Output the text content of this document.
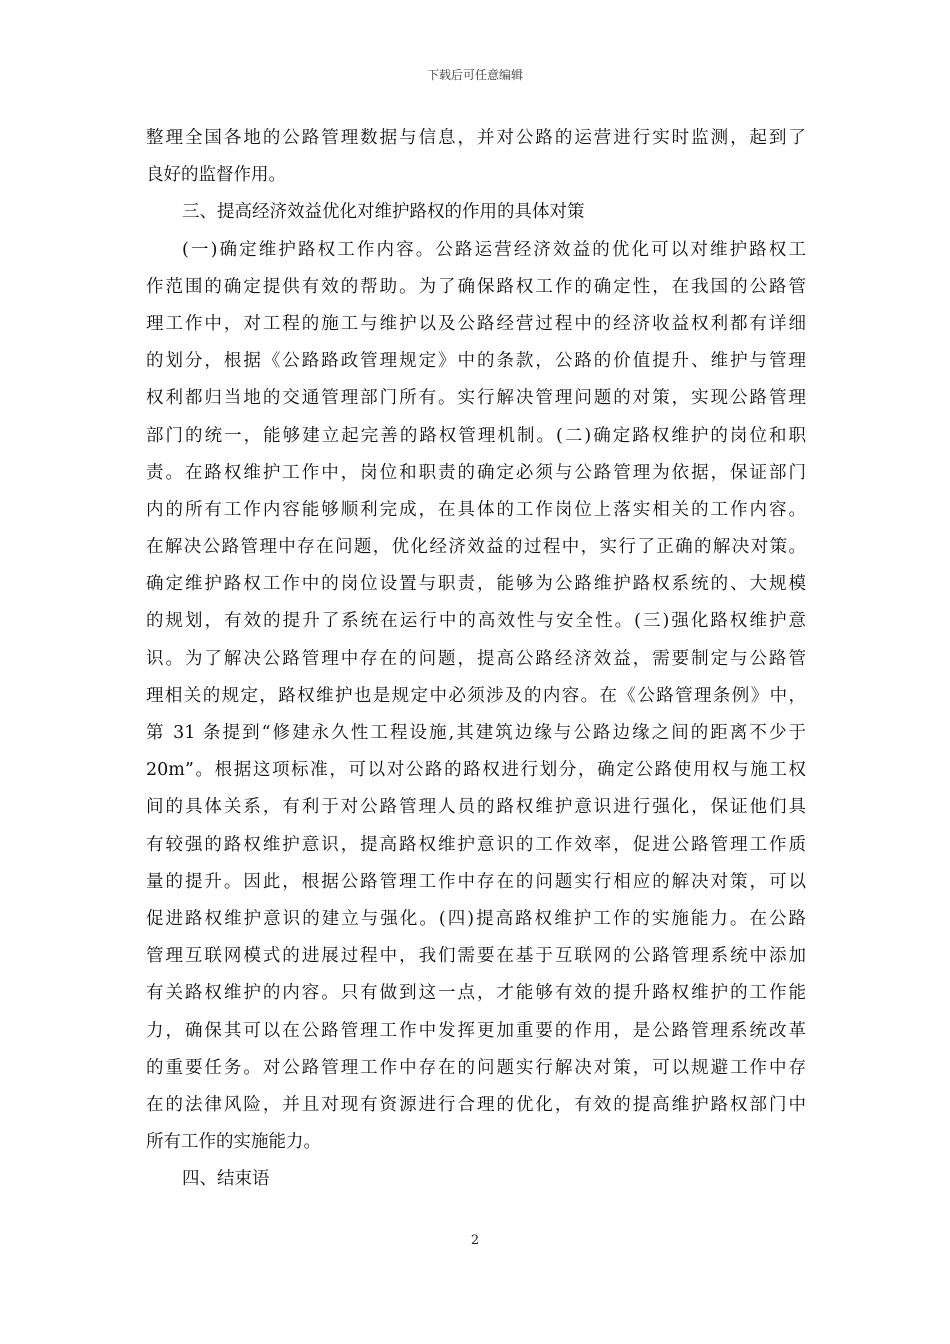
下载后可任意编辑
整理全国各地的公路管理数据与信息，并对公路的运营进行实时监测，起到了
良好的监督作用。
三、提高经济效益优化对维护路权的作用的具体对策
(一)确定维护路权工作内容。公路运营经济效益的优化可以对维护路权工
作范围的确定提供有效的帮助。为了确保路权工作的确定性，在我国的公路管
理工作中，对工程的施工与维护以及公路经营过程中的经济收益权利都有详细
的划分，根据《公路路政管理规定》中的条款，公路的价值提升、维护与管理
权利都归当地的交通管理部门所有。实行解决管理问题的对策，实现公路管理
部门的统一，能够建立起完善的路权管理机制。(二)确定路权维护的岗位和职
责。在路权维护工作中，岗位和职责的确定必须与公路管理为依据，保证部门
内的所有工作内容能够顺利完成，在具体的工作岗位上落实相关的工作内容。
在解决公路管理中存在问题，优化经济效益的过程中，实行了正确的解决对策。
确定维护路权工作中的岗位设置与职责，能够为公路维护路权系统的、大规模
的规划，有效的提升了系统在运行中的高效性与安全性。(三)强化路权维护意
识。为了解决公路管理中存在的问题，提高公路经济效益，需要制定与公路管
理相关的规定，路权维护也是规定中必须涉及的内容。在《公路管理条例》中，
第 31 条提到“修建永久性工程设施,其建筑边缘与公路边缘之间的距离不少于
20m”。根据这项标准，可以对公路的路权进行划分，确定公路使用权与施工权
间的具体关系，有利于对公路管理人员的路权维护意识进行强化，保证他们具
有较强的路权维护意识，提高路权维护意识的工作效率，促进公路管理工作质
量的提升。因此，根据公路管理工作中存在的问题实行相应的解决对策，可以
促进路权维护意识的建立与强化。(四)提高路权维护工作的实施能力。在公路
管理互联网模式的进展过程中，我们需要在基于互联网的公路管理系统中添加
有关路权维护的内容。只有做到这一点，才能够有效的提升路权维护的工作能
力，确保其可以在公路管理工作中发挥更加重要的作用，是公路管理系统改革
的重要任务。对公路管理工作中存在的问题实行解决对策，可以规避工作中存
在的法律风险，并且对现有资源进行合理的优化，有效的提高维护路权部门中
所有工作的实施能力。
四、结束语
2
